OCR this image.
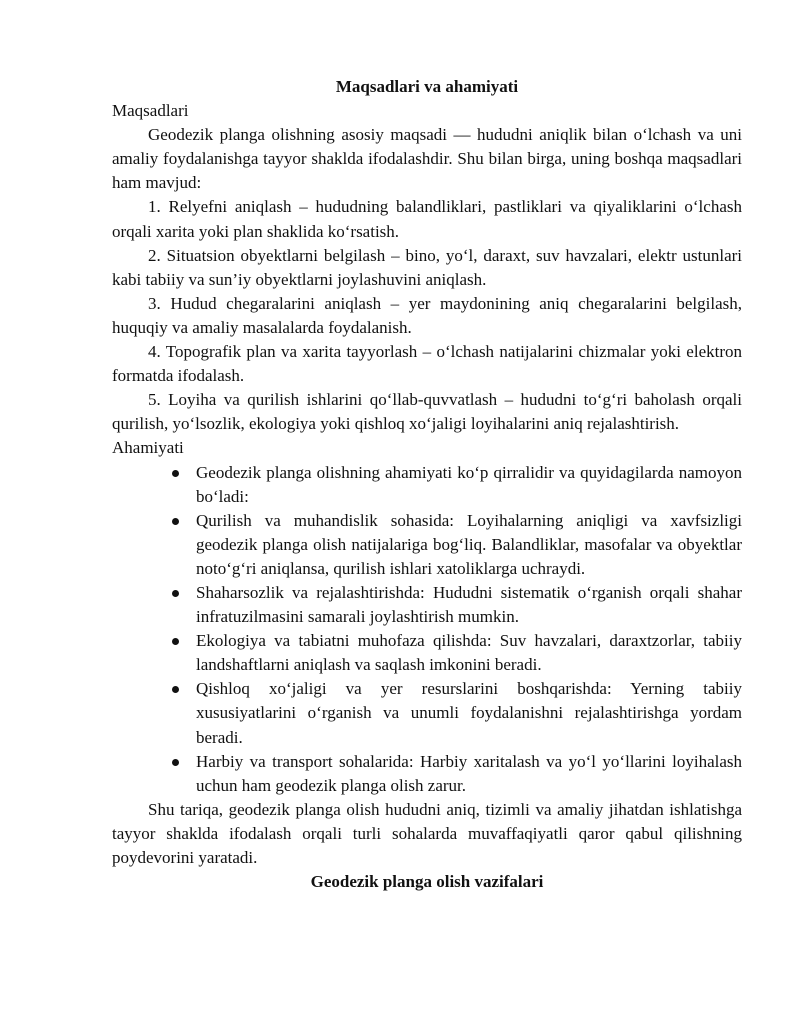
Maqsadlari va ahamiyati

Maqsadlari

Geodezik planga olishning asosiy maqsadi — hududni aniqlik bilan o‘lchash va uni amaliy foydalanishga tayyor shaklda ifodalashdir. Shu bilan birga, uning boshqa maqsadlari ham mavjud:

1. Relyefni aniqlash – hududning balandliklari, pastliklari va qiyaliklarini o‘lchash orqali xarita yoki plan shaklida ko‘rsatish.

2. Situatsion obyektlarni belgilash – bino, yo‘l, daraxt, suv havzalari, elektr ustunlari kabi tabiiy va sun’iy obyektlarni joylashuvini aniqlash.

3. Hudud chegaralarini aniqlash – yer maydonining aniq chegaralarini belgilash, huquqiy va amaliy masalalarda foydalanish.

4. Topografik plan va xarita tayyorlash – o‘lchash natijalarini chizmalar yoki elektron formatda ifodalash.

5. Loyiha va qurilish ishlarini qo‘llab-quvvatlash – hududni to‘g‘ri baholash orqali qurilish, yo‘lsozlik, ekologiya yoki qishloq xo‘jaligi loyihalarini aniq rejalashtirish.

Ahamiyati

Geodezik planga olishning ahamiyati ko‘p qirralidir va quyidagilarda namoyon bo‘ladi:
Qurilish va muhandislik sohasida: Loyihalarning aniqligi va xavfsizligi geodezik planga olish natijalariga bog‘liq. Balandliklar, masofalar va obyektlar noto‘g‘ri aniqlansa, qurilish ishlari xatoliklarga uchraydi.
Shaharsozlik va rejalashtirishda: Hududni sistematik o‘rganish orqali shahar infratuzilmasini samarali joylashtirish mumkin.
Ekologiya va tabiatni muhofaza qilishda: Suv havzalari, daraxtzorlar, tabiiy landshaftlarni aniqlash va saqlash imkonini beradi.
Qishloq xo‘jaligi va yer resurslarini boshqarishda: Yerning tabiiy xususiyatlarini o‘rganish va unumli foydalanishni rejalashtirishga yordam beradi.
Harbiy va transport sohalarida: Harbiy xaritalash va yo‘l yo‘llarini loyihalash uchun ham geodezik planga olish zarur.

Shu tariqa, geodezik planga olish hududni aniq, tizimli va amaliy jihatdan ishlatishga tayyor shaklda ifodalash orqali turli sohalarda muvaffaqiyatli qaror qabul qilishning poydevorini yaratadi.

Geodezik planga olish vazifalari
